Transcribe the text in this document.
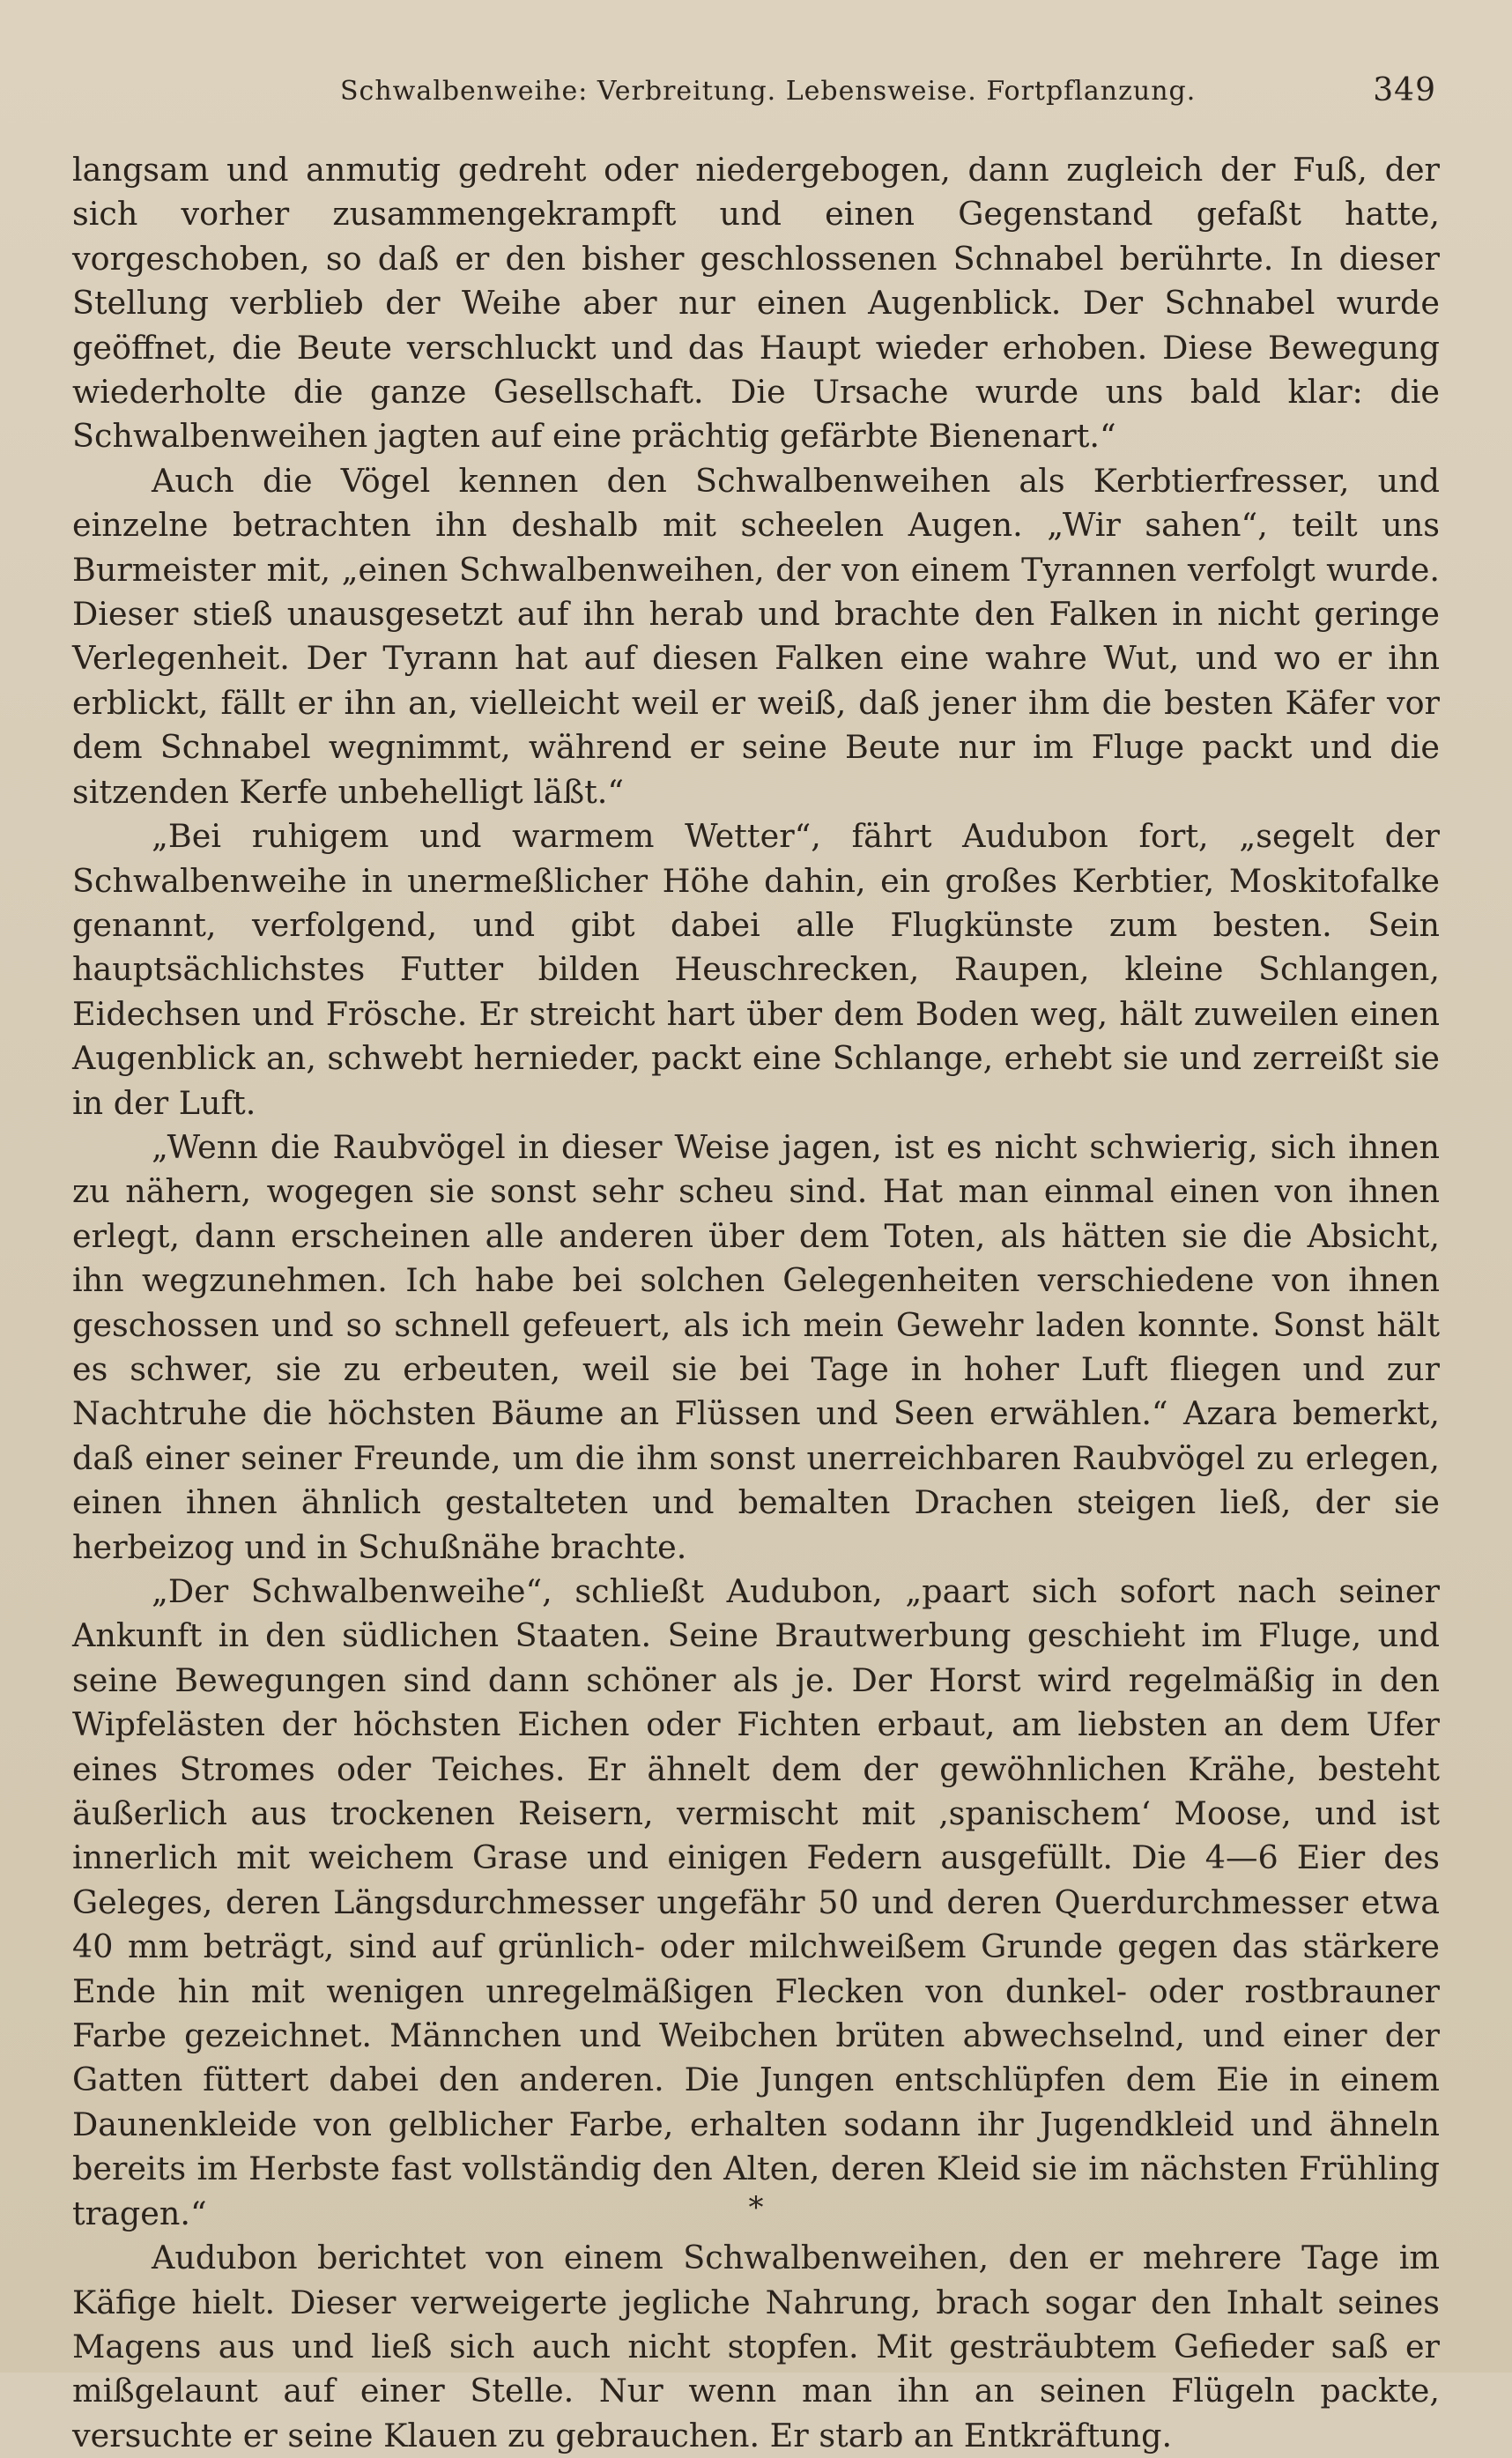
Schwalbenweihe: Verbreitung. Lebensweise. Fortpflanzung.	349

langsam und anmutig gedreht oder niedergebogen, dann zugleich der Fuß, der sich vorher zusammengekrampft und einen Gegenstand gefaßt hatte, vorgeschoben, so daß er den bisher geschlossenen Schnabel berührte. In dieser Stellung verblieb der Weihe aber nur einen Augenblick. Der Schnabel wurde geöffnet, die Beute verschluckt und das Haupt wieder erhoben. Diese Bewegung wiederholte die ganze Gesellschaft. Die Ursache wurde uns bald klar: die Schwalbenweihen jagten auf eine prächtig gefärbte Bienenart.“

Auch die Vögel kennen den Schwalbenweihen als Kerbtierfresser, und einzelne betrachten ihn deshalb mit scheelen Augen. „Wir sahen“, teilt uns Burmeister mit, „einen Schwalbenweihen, der von einem Tyrannen verfolgt wurde. Dieser stieß unausgesetzt auf ihn herab und brachte den Falken in nicht geringe Verlegenheit. Der Tyrann hat auf diesen Falken eine wahre Wut, und wo er ihn erblickt, fällt er ihn an, vielleicht weil er weiß, daß jener ihm die besten Käfer vor dem Schnabel wegnimmt, während er seine Beute nur im Fluge packt und die sitzenden Kerfe unbehelligt läßt.“

„Bei ruhigem und warmem Wetter“, fährt Audubon fort, „segelt der Schwalbenweihe in unermeßlicher Höhe dahin, ein großes Kerbtier, Moskitofalke genannt, verfolgend, und gibt dabei alle Flugkünste zum besten. Sein hauptsächlichstes Futter bilden Heuschrecken, Raupen, kleine Schlangen, Eidechsen und Frösche. Er streicht hart über dem Boden weg, hält zuweilen einen Augenblick an, schwebt hernieder, packt eine Schlange, erhebt sie und zerreißt sie in der Luft.

„Wenn die Raubvögel in dieser Weise jagen, ist es nicht schwierig, sich ihnen zu nähern, wogegen sie sonst sehr scheu sind. Hat man einmal einen von ihnen erlegt, dann erscheinen alle anderen über dem Toten, als hätten sie die Absicht, ihn wegzunehmen. Ich habe bei solchen Gelegenheiten verschiedene von ihnen geschossen und so schnell gefeuert, als ich mein Gewehr laden konnte. Sonst hält es schwer, sie zu erbeuten, weil sie bei Tage in hoher Luft fliegen und zur Nachtruhe die höchsten Bäume an Flüssen und Seen erwählen.“ Azara bemerkt, daß einer seiner Freunde, um die ihm sonst unerreichbaren Raubvögel zu erlegen, einen ihnen ähnlich gestalteten und bemalten Drachen steigen ließ, der sie herbeizog und in Schußnähe brachte.

„Der Schwalbenweihe“, schließt Audubon, „paart sich sofort nach seiner Ankunft in den südlichen Staaten. Seine Brautwerbung geschieht im Fluge, und seine Bewegungen sind dann schöner als je. Der Horst wird regelmäßig in den Wipfelästen der höchsten Eichen oder Fichten erbaut, am liebsten an dem Ufer eines Stromes oder Teiches. Er ähnelt dem der gewöhnlichen Krähe, besteht äußerlich aus trockenen Reisern, vermischt mit ‚spanischem‘ Moose, und ist innerlich mit weichem Grase und einigen Federn ausgefüllt. Die 4—6 Eier des Geleges, deren Längsdurchmesser ungefähr 50 und deren Querdurchmesser etwa 40 mm beträgt, sind auf grünlich- oder milchweißem Grunde gegen das stärkere Ende hin mit wenigen unregelmäßigen Flecken von dunkel- oder rostbrauner Farbe gezeichnet. Männchen und Weibchen brüten abwechselnd, und einer der Gatten füttert dabei den anderen. Die Jungen entschlüpfen dem Eie in einem Daunenkleide von gelblicher Farbe, erhalten sodann ihr Jugendkleid und ähneln bereits im Herbste fast vollständig den Alten, deren Kleid sie im nächsten Frühling tragen.“

Audubon berichtet von einem Schwalbenweihen, den er mehrere Tage im Käfige hielt. Dieser verweigerte jegliche Nahrung, brach sogar den Inhalt seines Magens aus und ließ sich auch nicht stopfen. Mit gesträubtem Gefieder saß er mißgelaunt auf einer Stelle. Nur wenn man ihn an seinen Flügeln packte, versuchte er seine Klauen zu gebrauchen. Er starb an Entkräftung.

*
